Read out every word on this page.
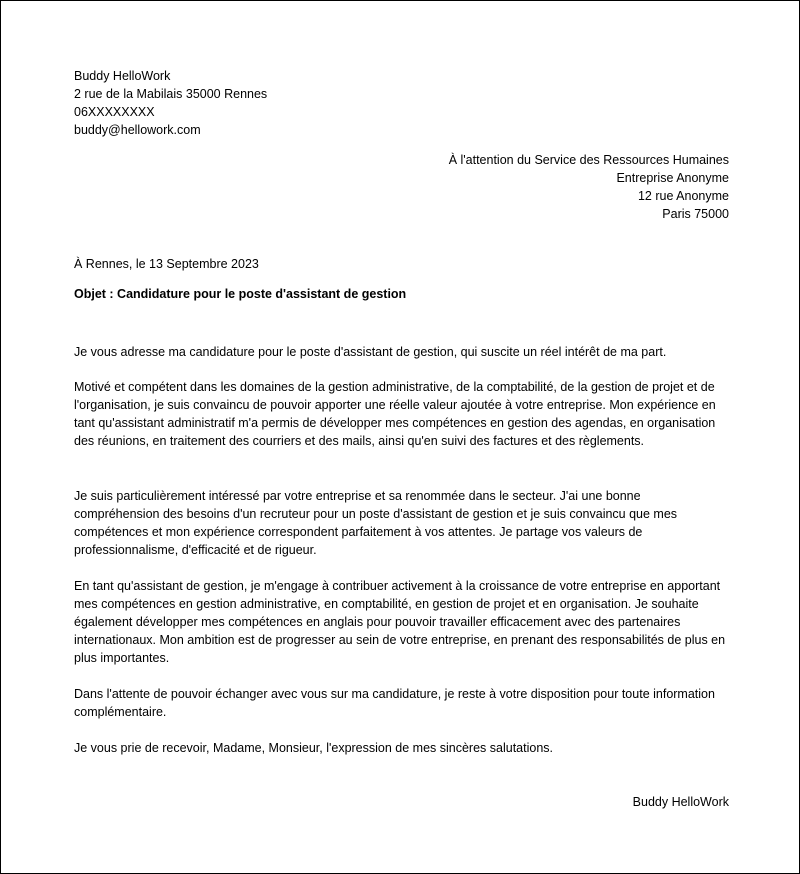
Buddy HelloWork
2 rue de la Mabilais 35000 Rennes
06XXXXXXXX
buddy@hellowork.com
À l'attention du Service des Ressources Humaines
Entreprise Anonyme
12 rue Anonyme
Paris 75000
À Rennes, le 13 Septembre 2023
Objet : Candidature pour le poste d'assistant de gestion
Je vous adresse ma candidature pour le poste d'assistant de gestion, qui suscite un réel intérêt de ma part.
Motivé et compétent dans les domaines de la gestion administrative, de la comptabilité, de la gestion de projet et de l'organisation, je suis convaincu de pouvoir apporter une réelle valeur ajoutée à votre entreprise. Mon expérience en tant qu'assistant administratif m'a permis de développer mes compétences en gestion des agendas, en organisation des réunions, en traitement des courriers et des mails, ainsi qu'en suivi des factures et des règlements.
Je suis particulièrement intéressé par votre entreprise et sa renommée dans le secteur. J'ai une bonne compréhension des besoins d'un recruteur pour un poste d'assistant de gestion et je suis convaincu que mes compétences et mon expérience correspondent parfaitement à vos attentes. Je partage vos valeurs de professionnalisme, d'efficacité et de rigueur.
En tant qu'assistant de gestion, je m'engage à contribuer activement à la croissance de votre entreprise en apportant mes compétences en gestion administrative, en comptabilité, en gestion de projet et en organisation. Je souhaite également développer mes compétences en anglais pour pouvoir travailler efficacement avec des partenaires internationaux. Mon ambition est de progresser au sein de votre entreprise, en prenant des responsabilités de plus en plus importantes.
Dans l'attente de pouvoir échanger avec vous sur ma candidature, je reste à votre disposition pour toute information complémentaire.
Je vous prie de recevoir, Madame, Monsieur, l'expression de mes sincères salutations.
Buddy HelloWork
